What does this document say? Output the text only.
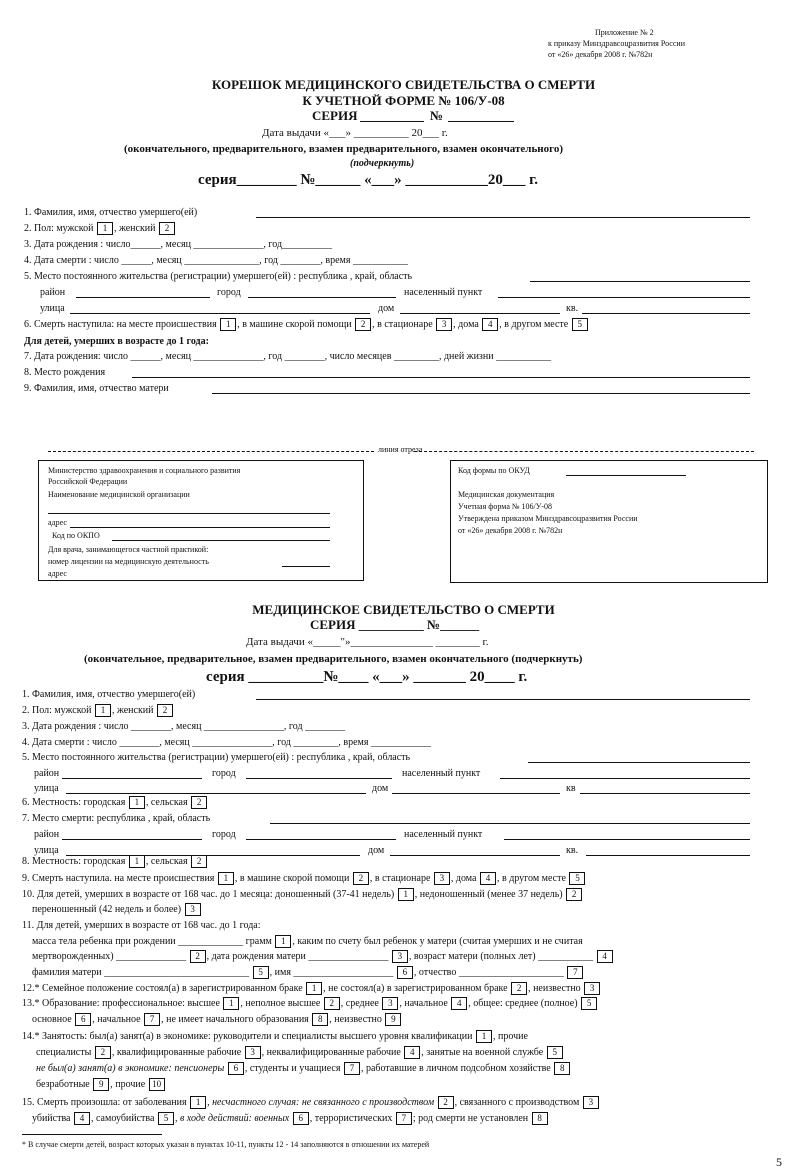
Приложение № 2
к приказу Минздравсоцразвития России
от «26» декабря 2008 г. №782н
КОРЕШОК МЕДИЦИНСКОГО СВИДЕТЕЛЬСТВА О СМЕРТИ
К УЧЕТНОЙ ФОРМЕ № 106/У-08
СЕРИЯ	№
Дата выдачи «___» __________ 20___ г.
(окончательного, предварительного, взамен предварительного, взамен окончательного)
(подчеркнуть)
серия________ №______ «___» ___________20___ г.
1. Фамилия, имя, отчество умершего(ей)
2. Пол: мужской 1 , женский 2
3. Дата рождения : число______, месяц ______________, год__________
4. Дата смерти : число ______, месяц _______________, год ________, время ___________
5. Место постоянного жительства (регистрации) умершего(ей) : республика , край, область
район	город	населенный пункт
улица	дом	кв.
6. Смерть наступила: на месте происшествия 1 , в машине скорой помощи 2 , в стационаре 3 , дома 4 , в другом месте 5
Для детей, умерших в возрасте до 1 года:
7. Дата рождения: число ______, месяц ______________, год ________, число месяцев _________, дней жизни ___________
8. Место рождения
9. Фамилия, имя, отчество матери
линия отреза
Министерство здравоохранения и социального развития
Российской Федерации
Наименование медицинской организации
адрес
Код по ОКПО
Для врача, занимающегося частной практикой:
номер лицензии на медицинскую деятельность
адрес
Код формы по ОКУД
Медицинская документация
Учетная форма № 106/У-08
Утверждена приказом Минздравсоцразвития России
от «26» декабря 2008 г. №782н
МЕДИЦИНСКОЕ СВИДЕТЕЛЬСТВО О СМЕРТИ
СЕРИЯ __________ №______
Дата выдачи «_____"»_______________ ________ г.
(окончательное, предварительное, взамен предварительного, взамен окончательного (подчеркнуть)
серия __________№____ «___» _______ 20____ г.
1. Фамилия, имя, отчество умершего(ей)
2. Пол: мужской 1 , женский 2
3. Дата рождения : число ________, месяц ________________, год ________
4. Дата смерти : число ________, месяц ________________, год _________, время ____________
5. Место постоянного жительства (регистрации) умершего(ей) : республика , край, область
район	город	населенный пункт
улица	дом	кв
6. Местность: городская 1 , сельская 2
7. Место смерти: республика , край, область
район	город	населенный пункт
улица	дом	кв.
8. Местность: городская 1 , сельская 2
9. Смерть наступила. на месте происшествия 1 , в машине скорой помощи 2 , в стационаре 3 , дома 4 , в другом месте 5
10. Для детей, умерших в возрасте от 168 час. до 1 месяца: доношенный (37-41 недель) 1 , недоношенный (менее 37 недель) 2
переношенный (42 недель и более) 3
11. Для детей, умерших в возрасте от 168 час. до 1 года:
масса тела ребенка при рождении _____________ грамм 1 , каким по счету был ребенок у матери (считая умерших и не считая
мертворожденных) ______________ 2 , дата рождения матери ________________ 3 , возраст матери (полных лет) ___________ 4
фамилия матери _____________________________ 5 , имя ____________________ 6 , отчество _____________________ 7
12.* Семейное положение состоял(а) в зарегистрированном браке 1 , не состоял(а) в зарегистрированном браке 2 , неизвестно 3
13.* Образование: профессиональное: высшее 1 , неполное высшее 2 , среднее 3 , начальное 4 , общее: среднее (полное) 5
основное 6 , начальное 7 , не имеет начального образования 8 , неизвестно 9
14.* Занятость: был(а) занят(а) в экономике: руководители и специалисты высшего уровня квалификации 1 , прочие
специалисты 2 , квалифицированные рабочие 3 , неквалифицированные рабочие 4 , занятые на военной службе 5
не был(а) занят(а) в экономике: пенсионеры 6 , студенты и учащиеся 7 , работавшие в личном подсобном хозяйстве 8
безработные 9 , прочие 10
15. Смерть произошла: от заболевания 1 , несчастного случая: не связанного с производством 2 , связанного с производством 3
убийства 4 , самоубийства 5 , в ходе действий: военных 6 , террористических 7 ; род смерти не установлен 8
* В случае смерти детей, возраст которых указан в пунктах 10-11, пункты 12 - 14 заполняются в отношении их матерей
5
